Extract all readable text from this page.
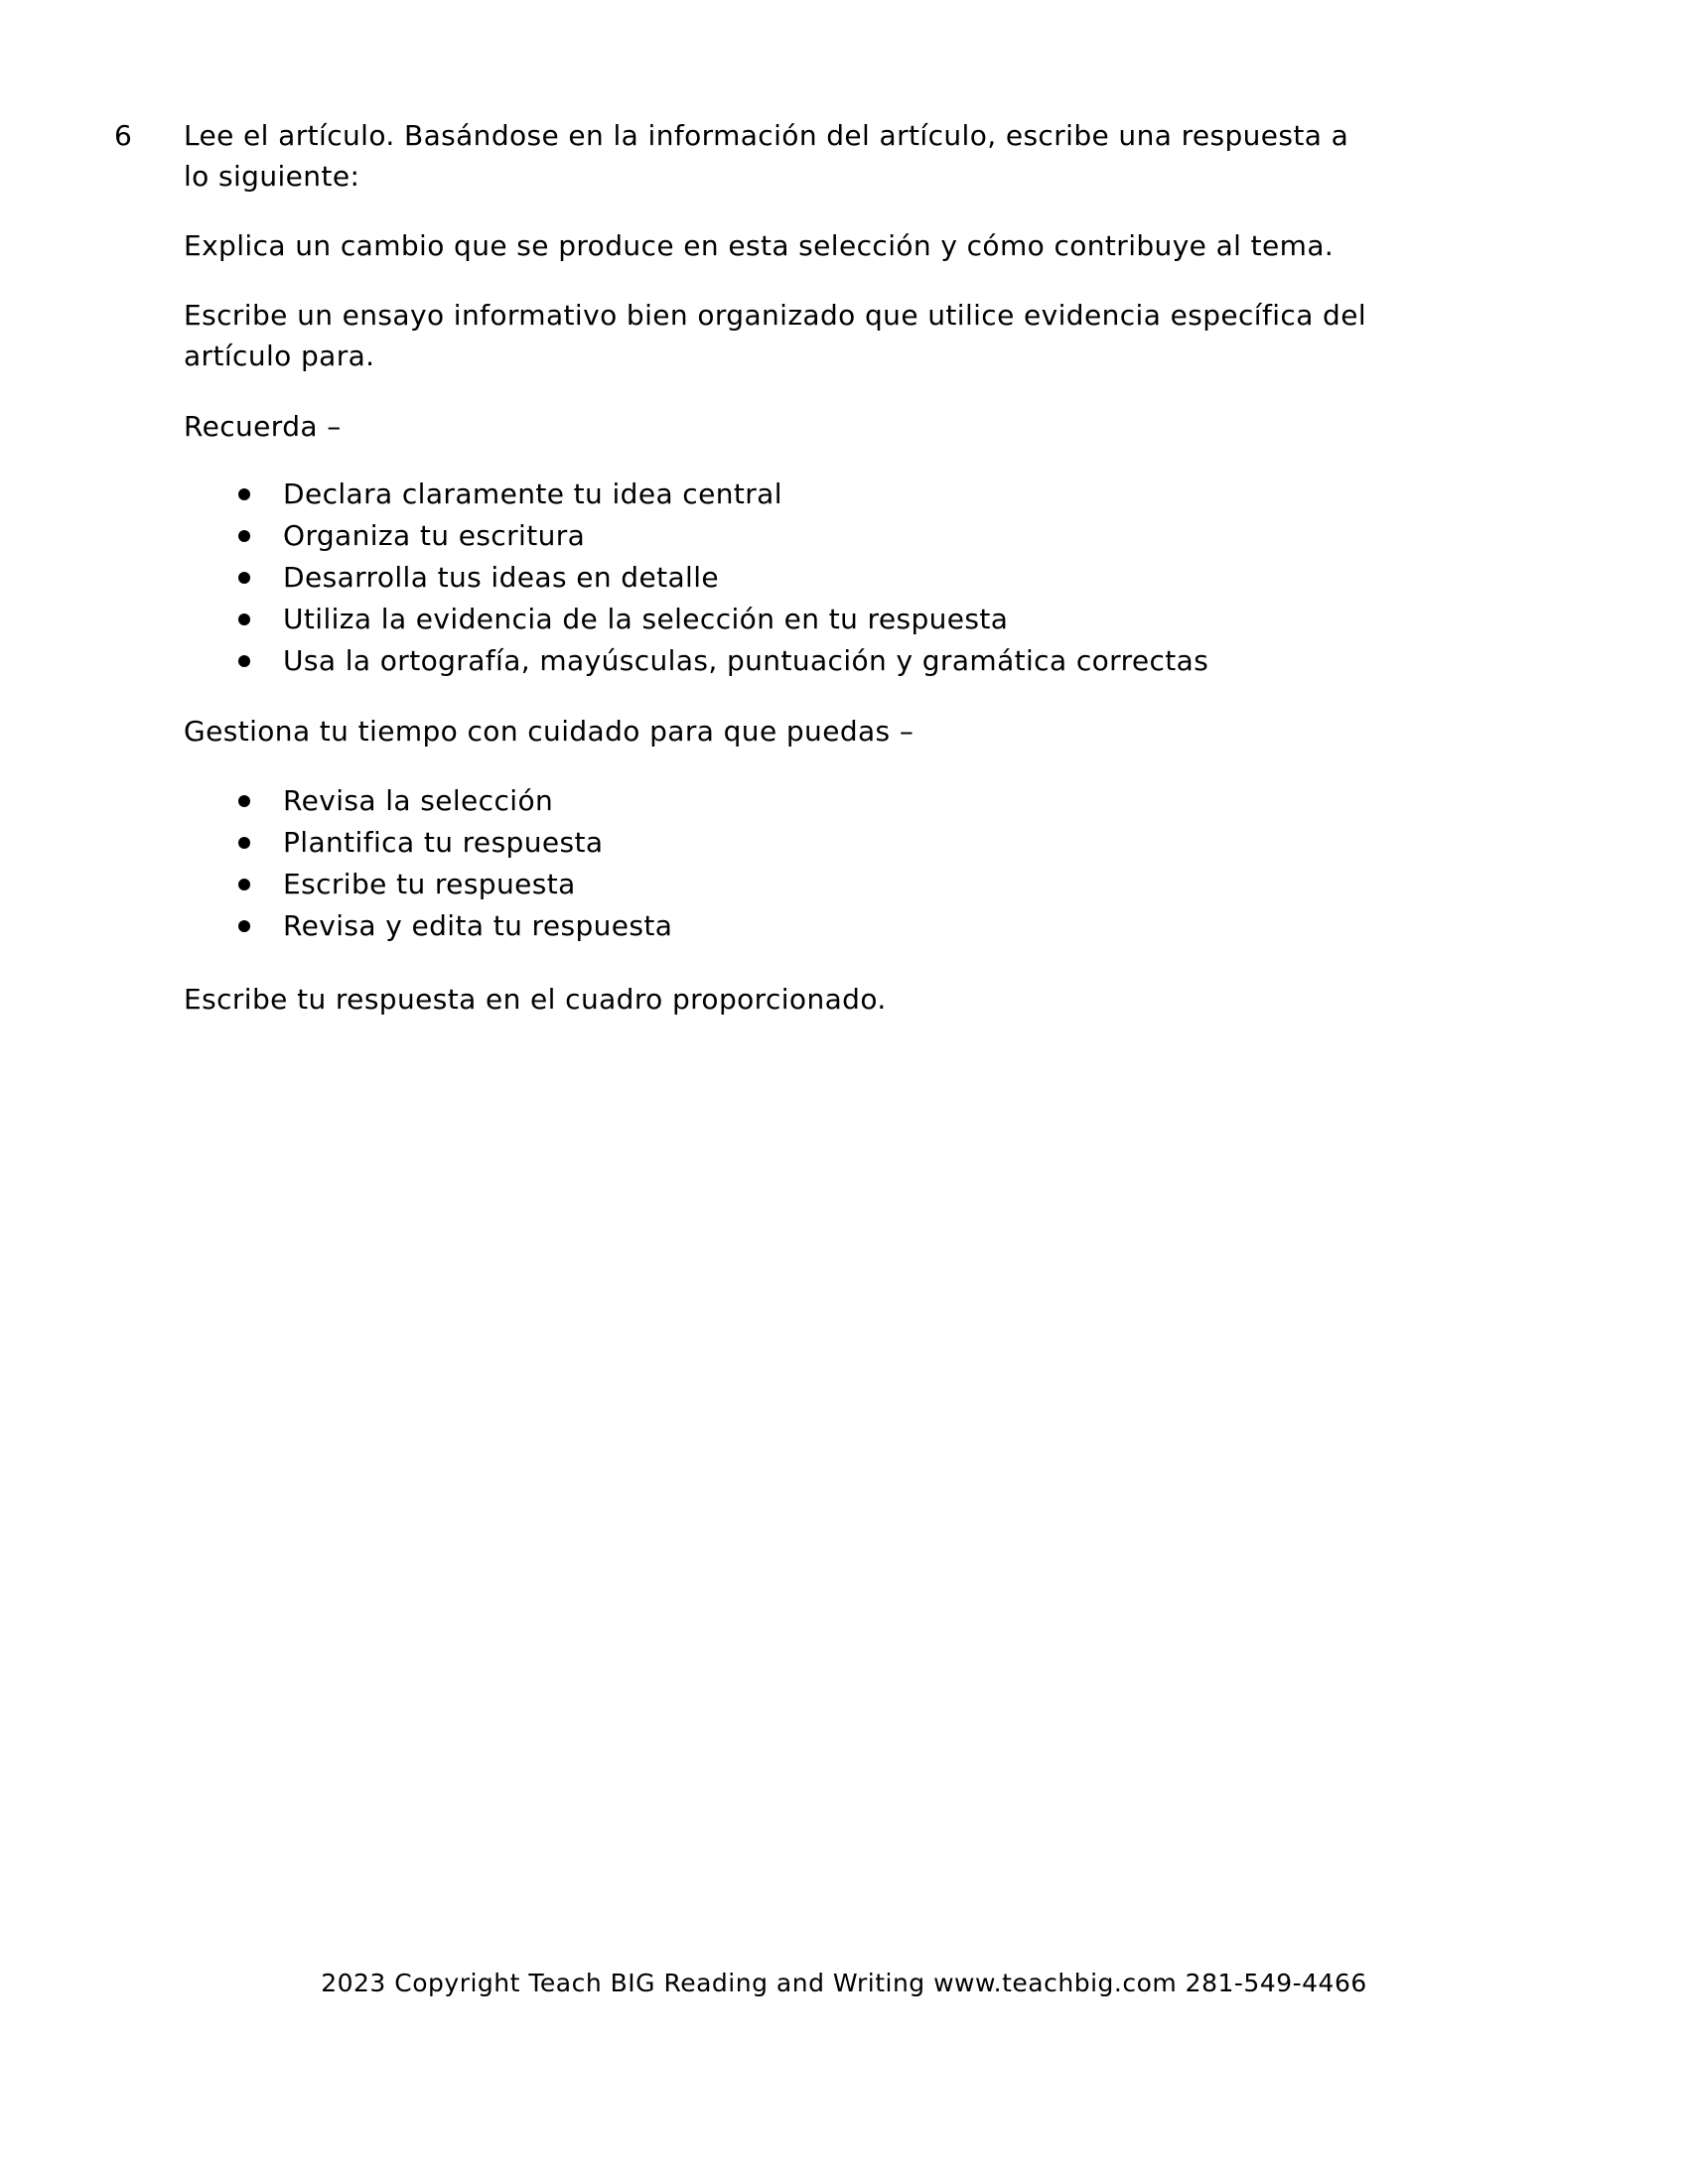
6 Lee el artículo. Basándose en la información del artículo, escribe una respuesta a
lo siguiente:
Explica un cambio que se produce en esta selección y cómo contribuye al tema.
Escribe un ensayo informativo bien organizado que utilice evidencia específica del
artículo para.
Recuerda –
Declara claramente tu idea central
Organiza tu escritura
Desarrolla tus ideas en detalle
Utiliza la evidencia de la selección en tu respuesta
Usa la ortografía, mayúsculas, puntuación y gramática correctas
Gestiona tu tiempo con cuidado para que puedas –
Revisa la selección
Plantifica tu respuesta
Escribe tu respuesta
Revisa y edita tu respuesta
Escribe tu respuesta en el cuadro proporcionado.
2023 Copyright Teach BIG Reading and Writing www.teachbig.com 281-549-4466
